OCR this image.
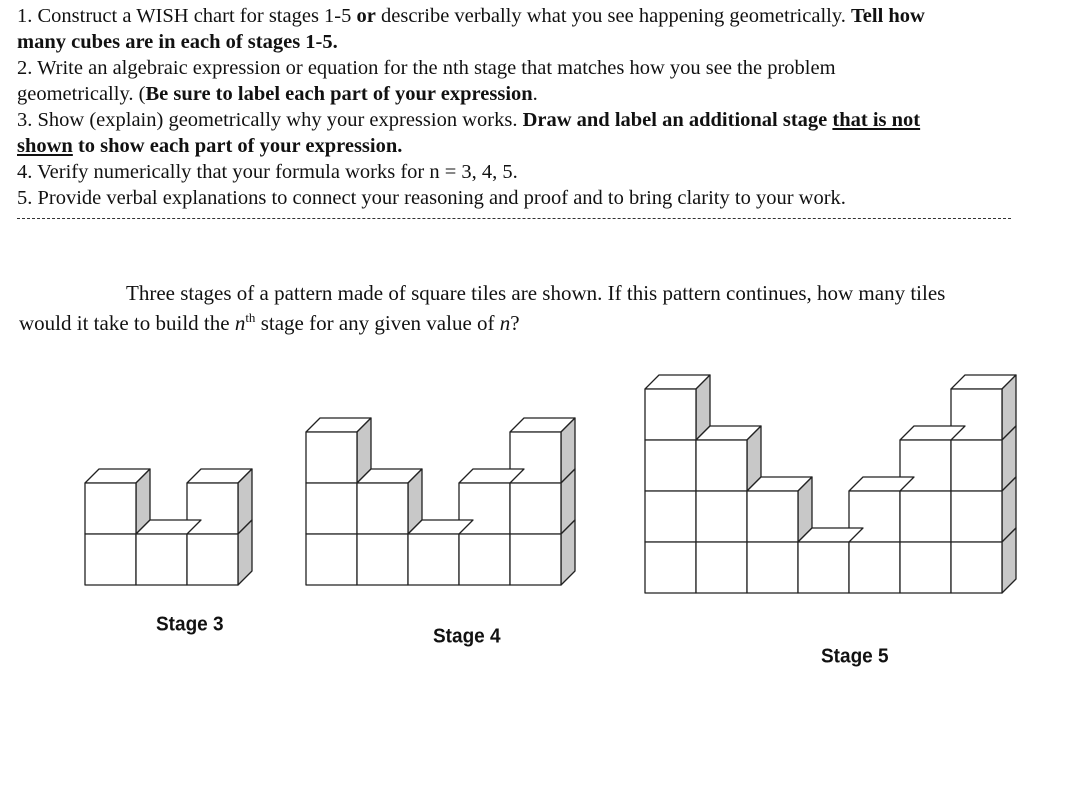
1. Construct a WISH chart for stages 1-5 or describe verbally what you see happening geometrically. Tell how

many cubes are in each of stages 1-5.

2. Write an algebraic expression or equation for the nth stage that matches how you see the problem

geometrically. (Be sure to label each part of your expression.

3. Show (explain) geometrically why your expression works. Draw and label an additional stage that is not

shown to show each part of your expression.

4. Verify numerically that your formula works for n = 3, 4, 5.

5. Provide verbal explanations to connect your reasoning and proof and to bring clarity to your work.

Three stages of a pattern made of square tiles are shown. If this pattern continues, how many tiles

would it take to build the $n^{th}$ stage for any given value of n?

Stage 3
Stage 4
Stage 5
